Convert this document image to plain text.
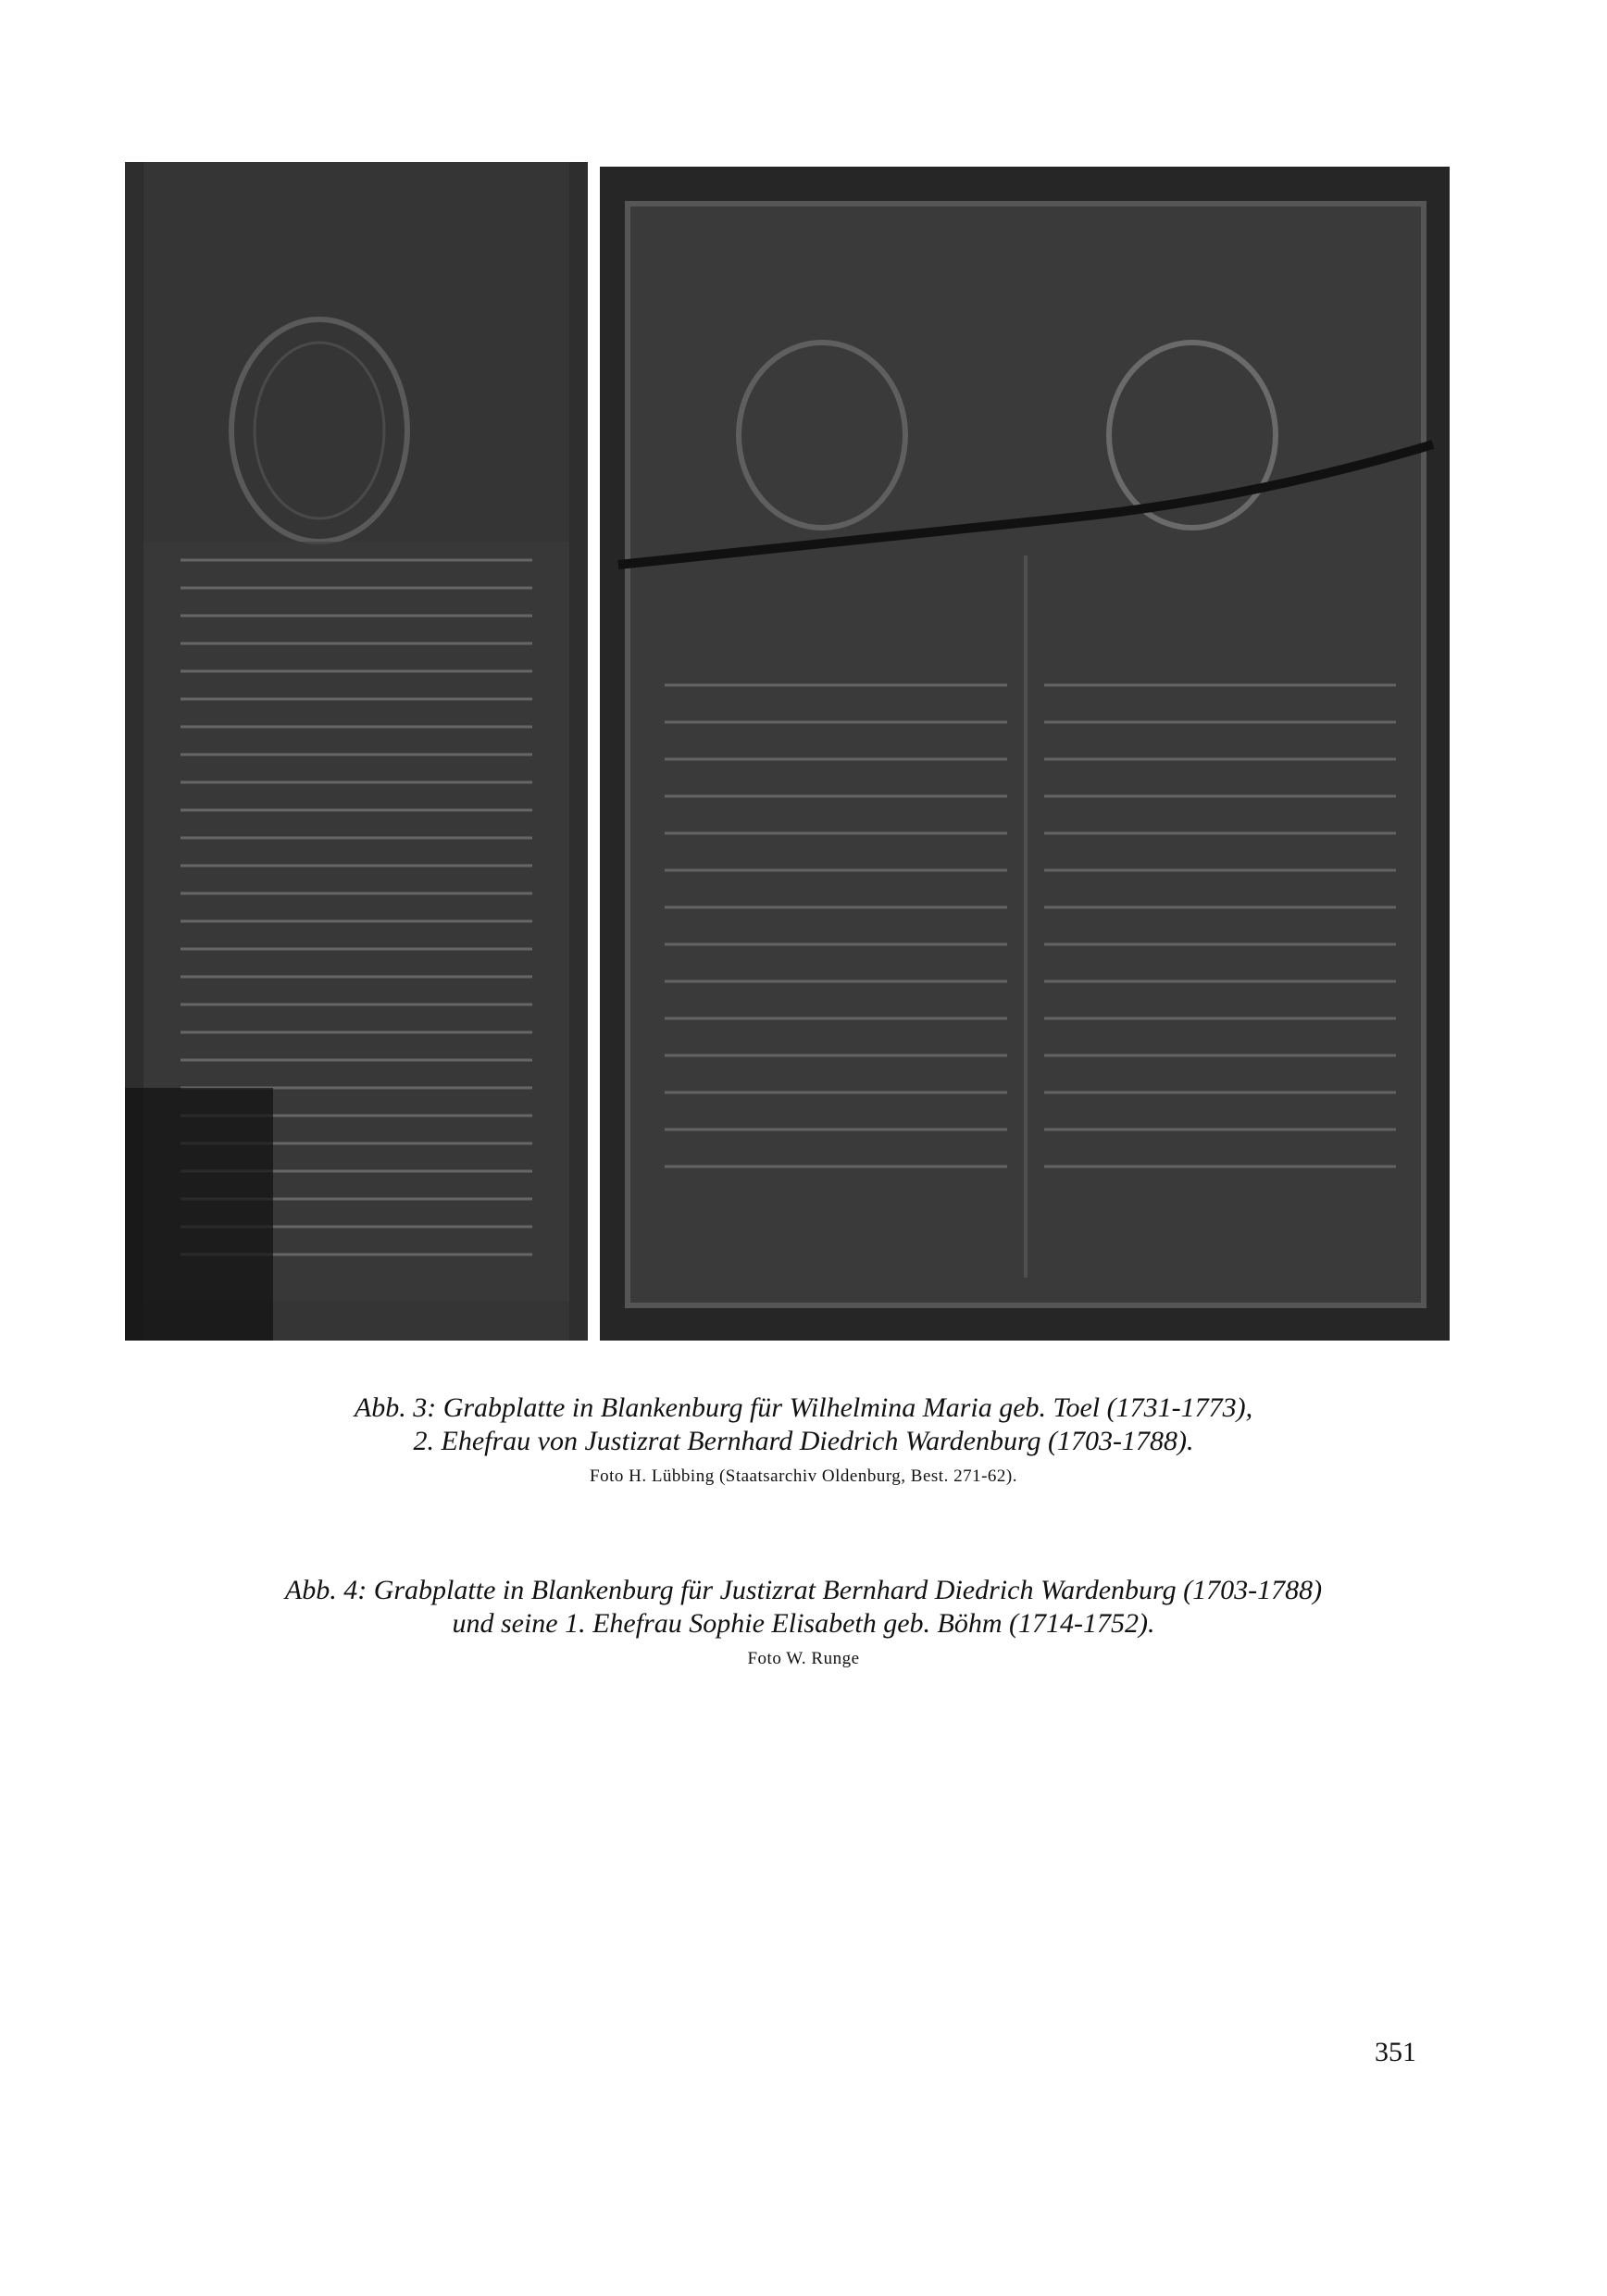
Abb. 3: Grabplatte in Blankenburg für Wilhelmina Maria geb. Toel (1731-1773),
2. Ehefrau von Justizrat Bernhard Diedrich Wardenburg (1703-1788).
Foto H. Lübbing (Staatsarchiv Oldenburg, Best. 271-62).
Abb. 4: Grabplatte in Blankenburg für Justizrat Bernhard Diedrich Wardenburg (1703-1788)
und seine 1. Ehefrau Sophie Elisabeth geb. Böhm (1714-1752).
Foto W. Runge
351
